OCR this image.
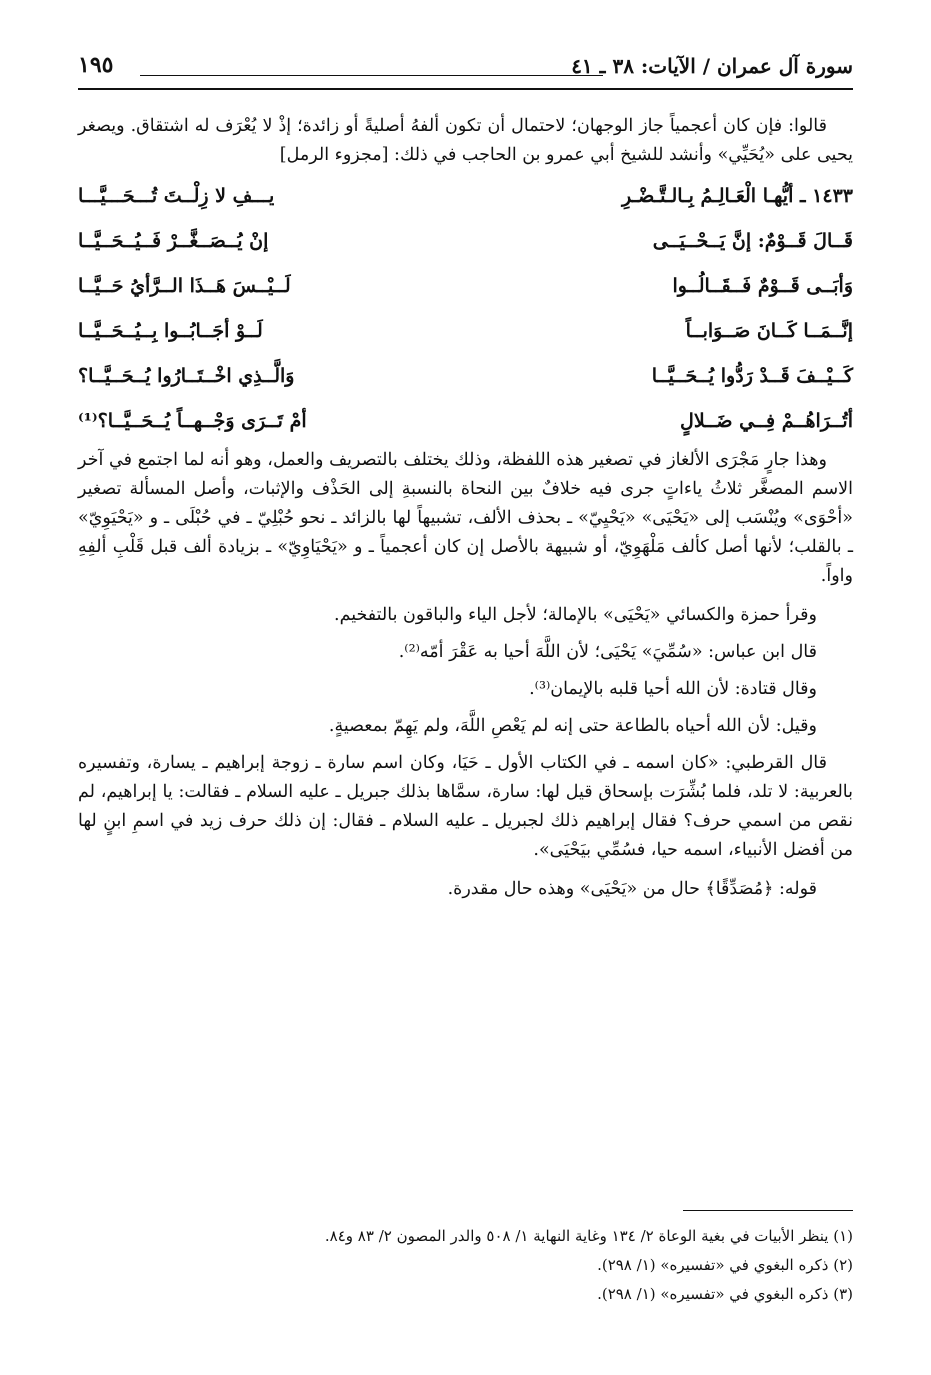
سورة آل عمران / الآيات: ٣٨ ـ ٤١
١٩٥

قالوا: فإن كان أعجمياً جاز الوجهان؛ لاحتمال أن تكون ألفهُ أصليةً أو زائدة؛ إذْ لا يُعْرَف له اشتقاق. ويصغر يحيى على «يُحَيِّي» وأنشد للشيخ أبي عمرو بن الحاجب في ذلك: [مجزوء الرمل]

١٤٣٣ ـ أيُّهـا الْعَـالِـمُ بِـالـتَّـضْـرِ
يـــفِ لا زِلْــتَ تُـــحَـــيَّـــا
قَــالَ قَــوْمٌ: إنَّ يَــحْــيَــى
إنْ يُــصَــغَّــرْ فَــيُــحَــيَّــا
وَأبَــى قَــوْمٌ فَــقَــالُــوا
لَــيْــسَ هَــذَا الــرَّأيُ حَــيَّــا
إنَّــمَــا كَــانَ صَــوَابــاً
لَــوْ أجَــابُــوا بِــيُــحَــيَّــا
كَــيْــفَ قَــدْ رَدُّوا يُــحَــيَّــا
وَالَّــذِي اخْــتَــارُوا يُــحَــيَّــا؟
أتُــرَاهُــمْ فِــي ضَــلالٍ
أمْ تَــرَى وَجْــهــاً يُــحَــيَّــا؟⁽¹⁾

وهذا جارٍ مَجْرَى الألغاز في تصغير هذه اللفظة، وذلك يختلف بالتصريف والعمل، وهو أنه لما اجتمع في آخر الاسم المصغَّر ثلاثُ ياءاتٍ جرى فيه خلافٌ بين النحاة بالنسبةِ إلى الحَذْف والإثبات، وأصل المسألة تصغير «أحْوَى» ويُنْسَب إلى «يَحْيَى» «يَحْيِيّ» ـ بحذف الألف، تشبيهاً لها بالزائد ـ نحو حُبْلِيّ ـ في حُبْلَى ـ و «يَحْيَوِيّ» ـ بالقلب؛ لأنها أصل كألف مَلْهَوِيّ، أو شبيهة بالأصل إن كان أعجمياً ـ و «يَحْيَاوِيّ» ـ بزيادة ألف قبل قَلْبِ ألفِهِ واواً.

وقرأ حمزة والكسائي «يَحْيَى» بالإمالة؛ لأجل الياء والباقون بالتفخيم.

قال ابن عباس: «سُمِّيَ» يَحْيَى؛ لأن اللَّهَ أحيا به عَقْرَ أمّه⁽²⁾.

وقال قتادة: لأن الله أحيا قلبه بالإيمان⁽³⁾.

وقيل: لأن الله أحياه بالطاعة حتى إنه لم يَعْصِ اللَّهَ، ولم يَهِمّ بمعصيةٍ.

قال القرطبي: «كان اسمه ـ في الكتاب الأول ـ حَيَا، وكان اسم سارة ـ زوجة إبراهيم ـ يسارة، وتفسيره بالعربية: لا تلد، فلما بُشِّرَت بإسحاق قيل لها: سارة، سمَّاها بذلك جبريل ـ عليه السلام ـ فقالت: يا إبراهيم، لم نقص من اسمي حرف؟ فقال إبراهيم ذلك لجبريل ـ عليه السلام ـ فقال: إن ذلك حرف زيد في اسمِ ابنٍ لها من أفضل الأنبياء، اسمه حيا، فسُمِّي بيَحْيَى».

قوله: ﴿مُصَدِّقًا﴾ حال من «يَحْيَى» وهذه حال مقدرة.

(١) ينظر الأبيات في بغية الوعاة ٢/ ١٣٤ وغاية النهاية ١/ ٥٠٨ والدر المصون ٢/ ٨٣ و٨٤.

(٢) ذكره البغوي في «تفسيره» (١/ ٢٩٨).

(٣) ذكره البغوي في «تفسيره» (١/ ٢٩٨).
